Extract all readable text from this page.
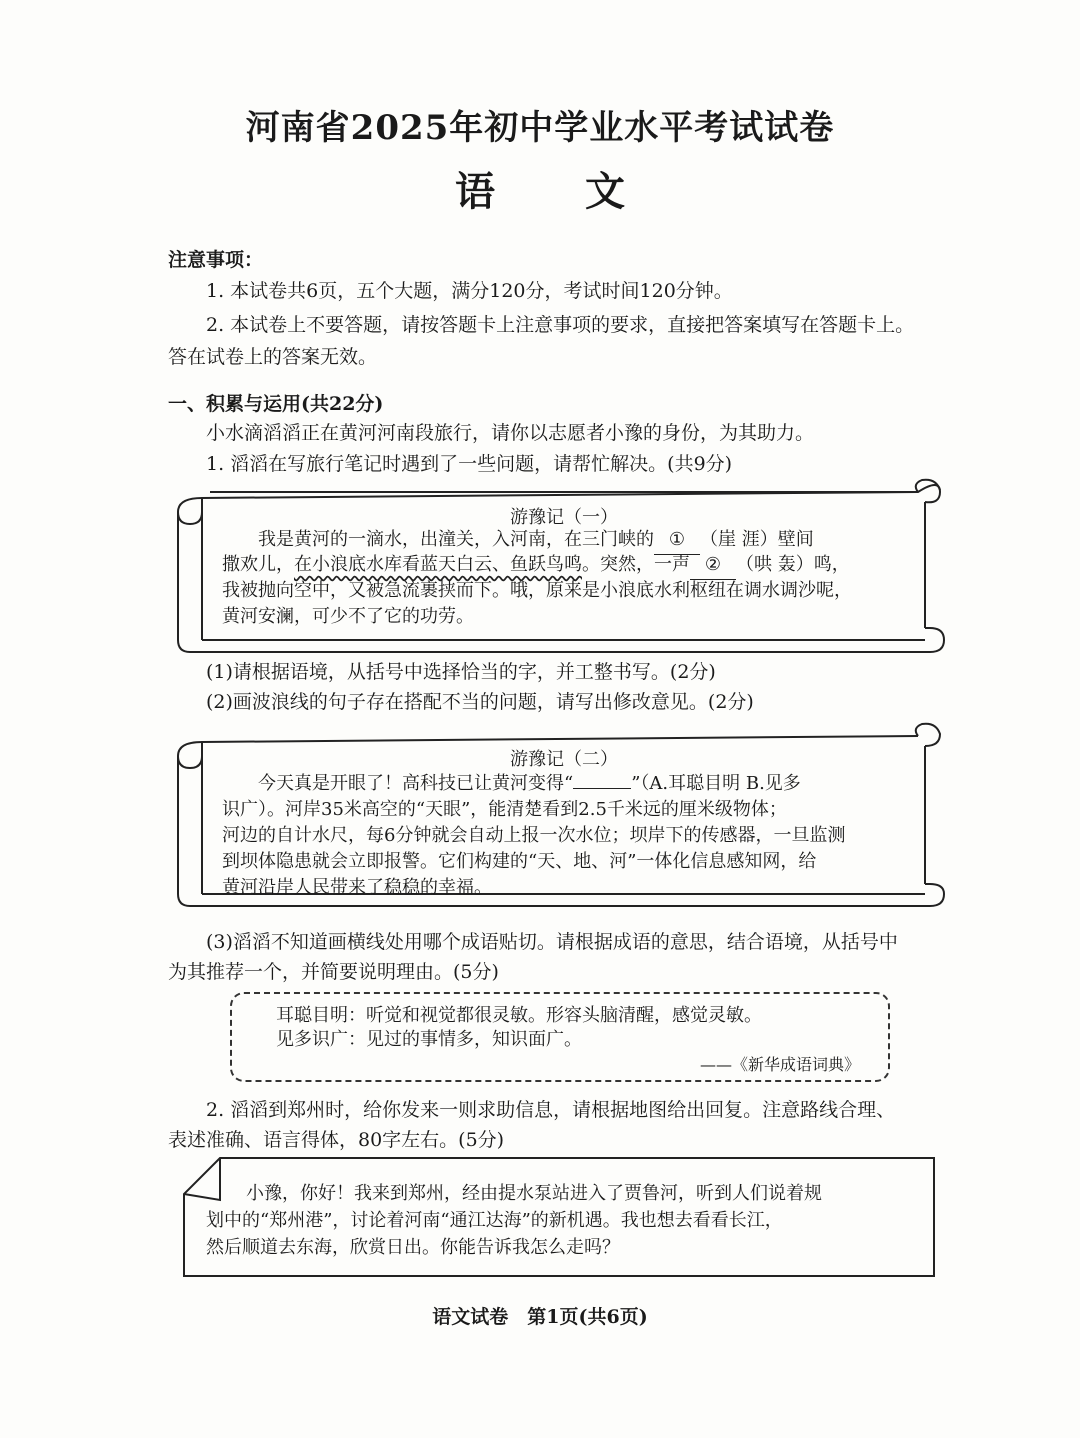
河南省2025年初中学业水平考试试卷
语 文
注意事项：
1. 本试卷共6页，五个大题，满分120分，考试时间120分钟。
2. 本试卷上不要答题，请按答题卡上注意事项的要求，直接把答案填写在答题卡上。
答在试卷上的答案无效。
一、积累与运用(共22分)
小水滴滔滔正在黄河河南段旅行，请你以志愿者小豫的身份，为其助力。
1. 滔滔在写旅行笔记时遇到了一些问题，请帮忙解决。(共9分)
游豫记（一）
我是黄河的一滴水，出潼关，入河南，在三门峡的 ① （崖 涯）壁间
撒欢儿，在小浪底水库看蓝天白云、鱼跃鸟鸣。突然，一声 ② （哄 轰）鸣，
我被抛向空中，又被急流裹挟而下。哦，原来是小浪底水利枢纽在调水调沙呢，
黄河安澜，可少不了它的功劳。
(1)请根据语境，从括号中选择恰当的字，并工整书写。(2分)
(2)画波浪线的句子存在搭配不当的问题，请写出修改意见。(2分)
游豫记（二）
今天真是开眼了！高科技已让黄河变得“	”（A.耳聪目明 B.见多
识广）。河岸35米高空的“天眼”，能清楚看到2.5千米远的厘米级物体；
河边的自计水尺，每6分钟就会自动上报一次水位；坝岸下的传感器，一旦监测
到坝体隐患就会立即报警。它们构建的“天、地、河”一体化信息感知网，给
黄河沿岸人民带来了稳稳的幸福。
(3)滔滔不知道画横线处用哪个成语贴切。请根据成语的意思，结合语境，从括号中
为其推荐一个，并简要说明理由。(5分)
耳聪目明：听觉和视觉都很灵敏。形容头脑清醒，感觉灵敏。
见多识广：见过的事情多，知识面广。
——《新华成语词典》
2. 滔滔到郑州时，给你发来一则求助信息，请根据地图给出回复。注意路线合理、
表述准确、语言得体，80字左右。(5分)
小豫，你好！我来到郑州，经由提水泵站进入了贾鲁河，听到人们说着规
划中的“郑州港”，讨论着河南“通江达海”的新机遇。我也想去看看长江，
然后顺道去东海，欣赏日出。你能告诉我怎么走吗？
语文试卷　第1页(共6页)
